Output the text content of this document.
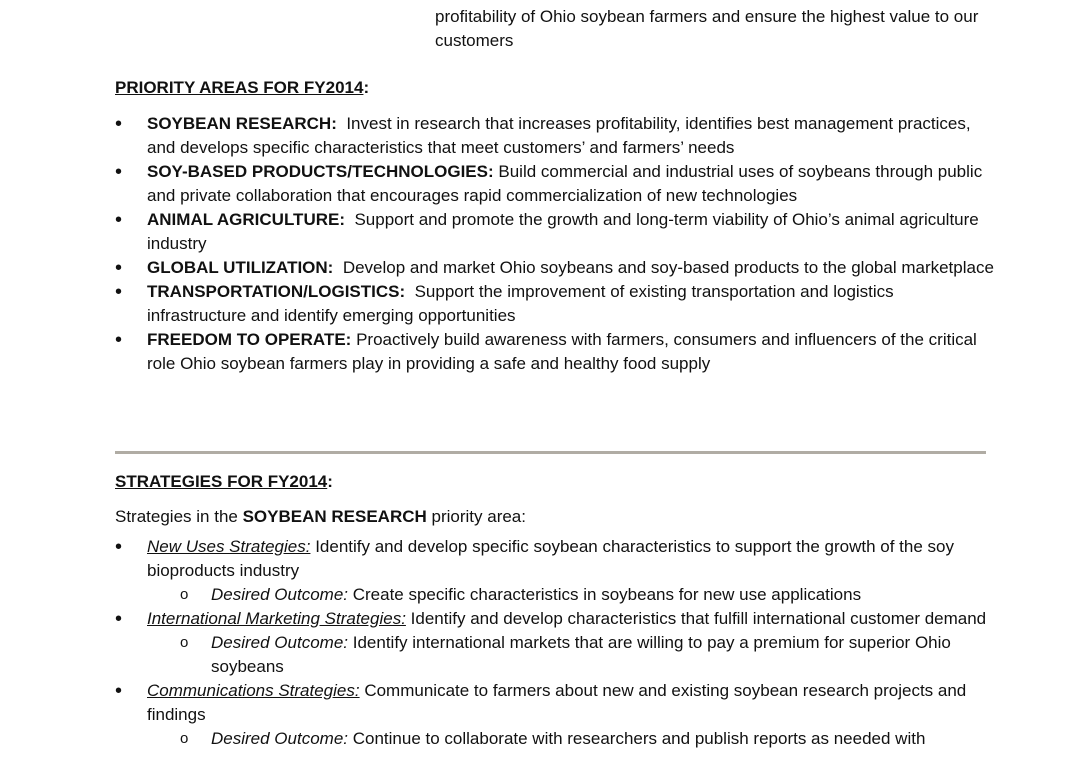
profitability of Ohio soybean farmers and ensure the highest value to our customers

PRIORITY AREAS FOR FY2014:

• SOYBEAN RESEARCH: Invest in research that increases profitability, identifies best management practices, and develops specific characteristics that meet customers’ and farmers’ needs
• SOY-BASED PRODUCTS/TECHNOLOGIES: Build commercial and industrial uses of soybeans through public and private collaboration that encourages rapid commercialization of new technologies
• ANIMAL AGRICULTURE: Support and promote the growth and long-term viability of Ohio’s animal agriculture industry
• GLOBAL UTILIZATION: Develop and market Ohio soybeans and soy-based products to the global marketplace
• TRANSPORTATION/LOGISTICS: Support the improvement of existing transportation and logistics infrastructure and identify emerging opportunities
• FREEDOM TO OPERATE: Proactively build awareness with farmers, consumers and influencers of the critical role Ohio soybean farmers play in providing a safe and healthy food supply

STRATEGIES FOR FY2014:

Strategies in the SOYBEAN RESEARCH priority area:

• New Uses Strategies: Identify and develop specific soybean characteristics to support the growth of the soy bioproducts industry
o Desired Outcome: Create specific characteristics in soybeans for new use applications
• International Marketing Strategies: Identify and develop characteristics that fulfill international customer demand
o Desired Outcome: Identify international markets that are willing to pay a premium for superior Ohio soybeans
• Communications Strategies: Communicate to farmers about new and existing soybean research projects and findings
o Desired Outcome: Continue to collaborate with researchers and publish reports as needed with
